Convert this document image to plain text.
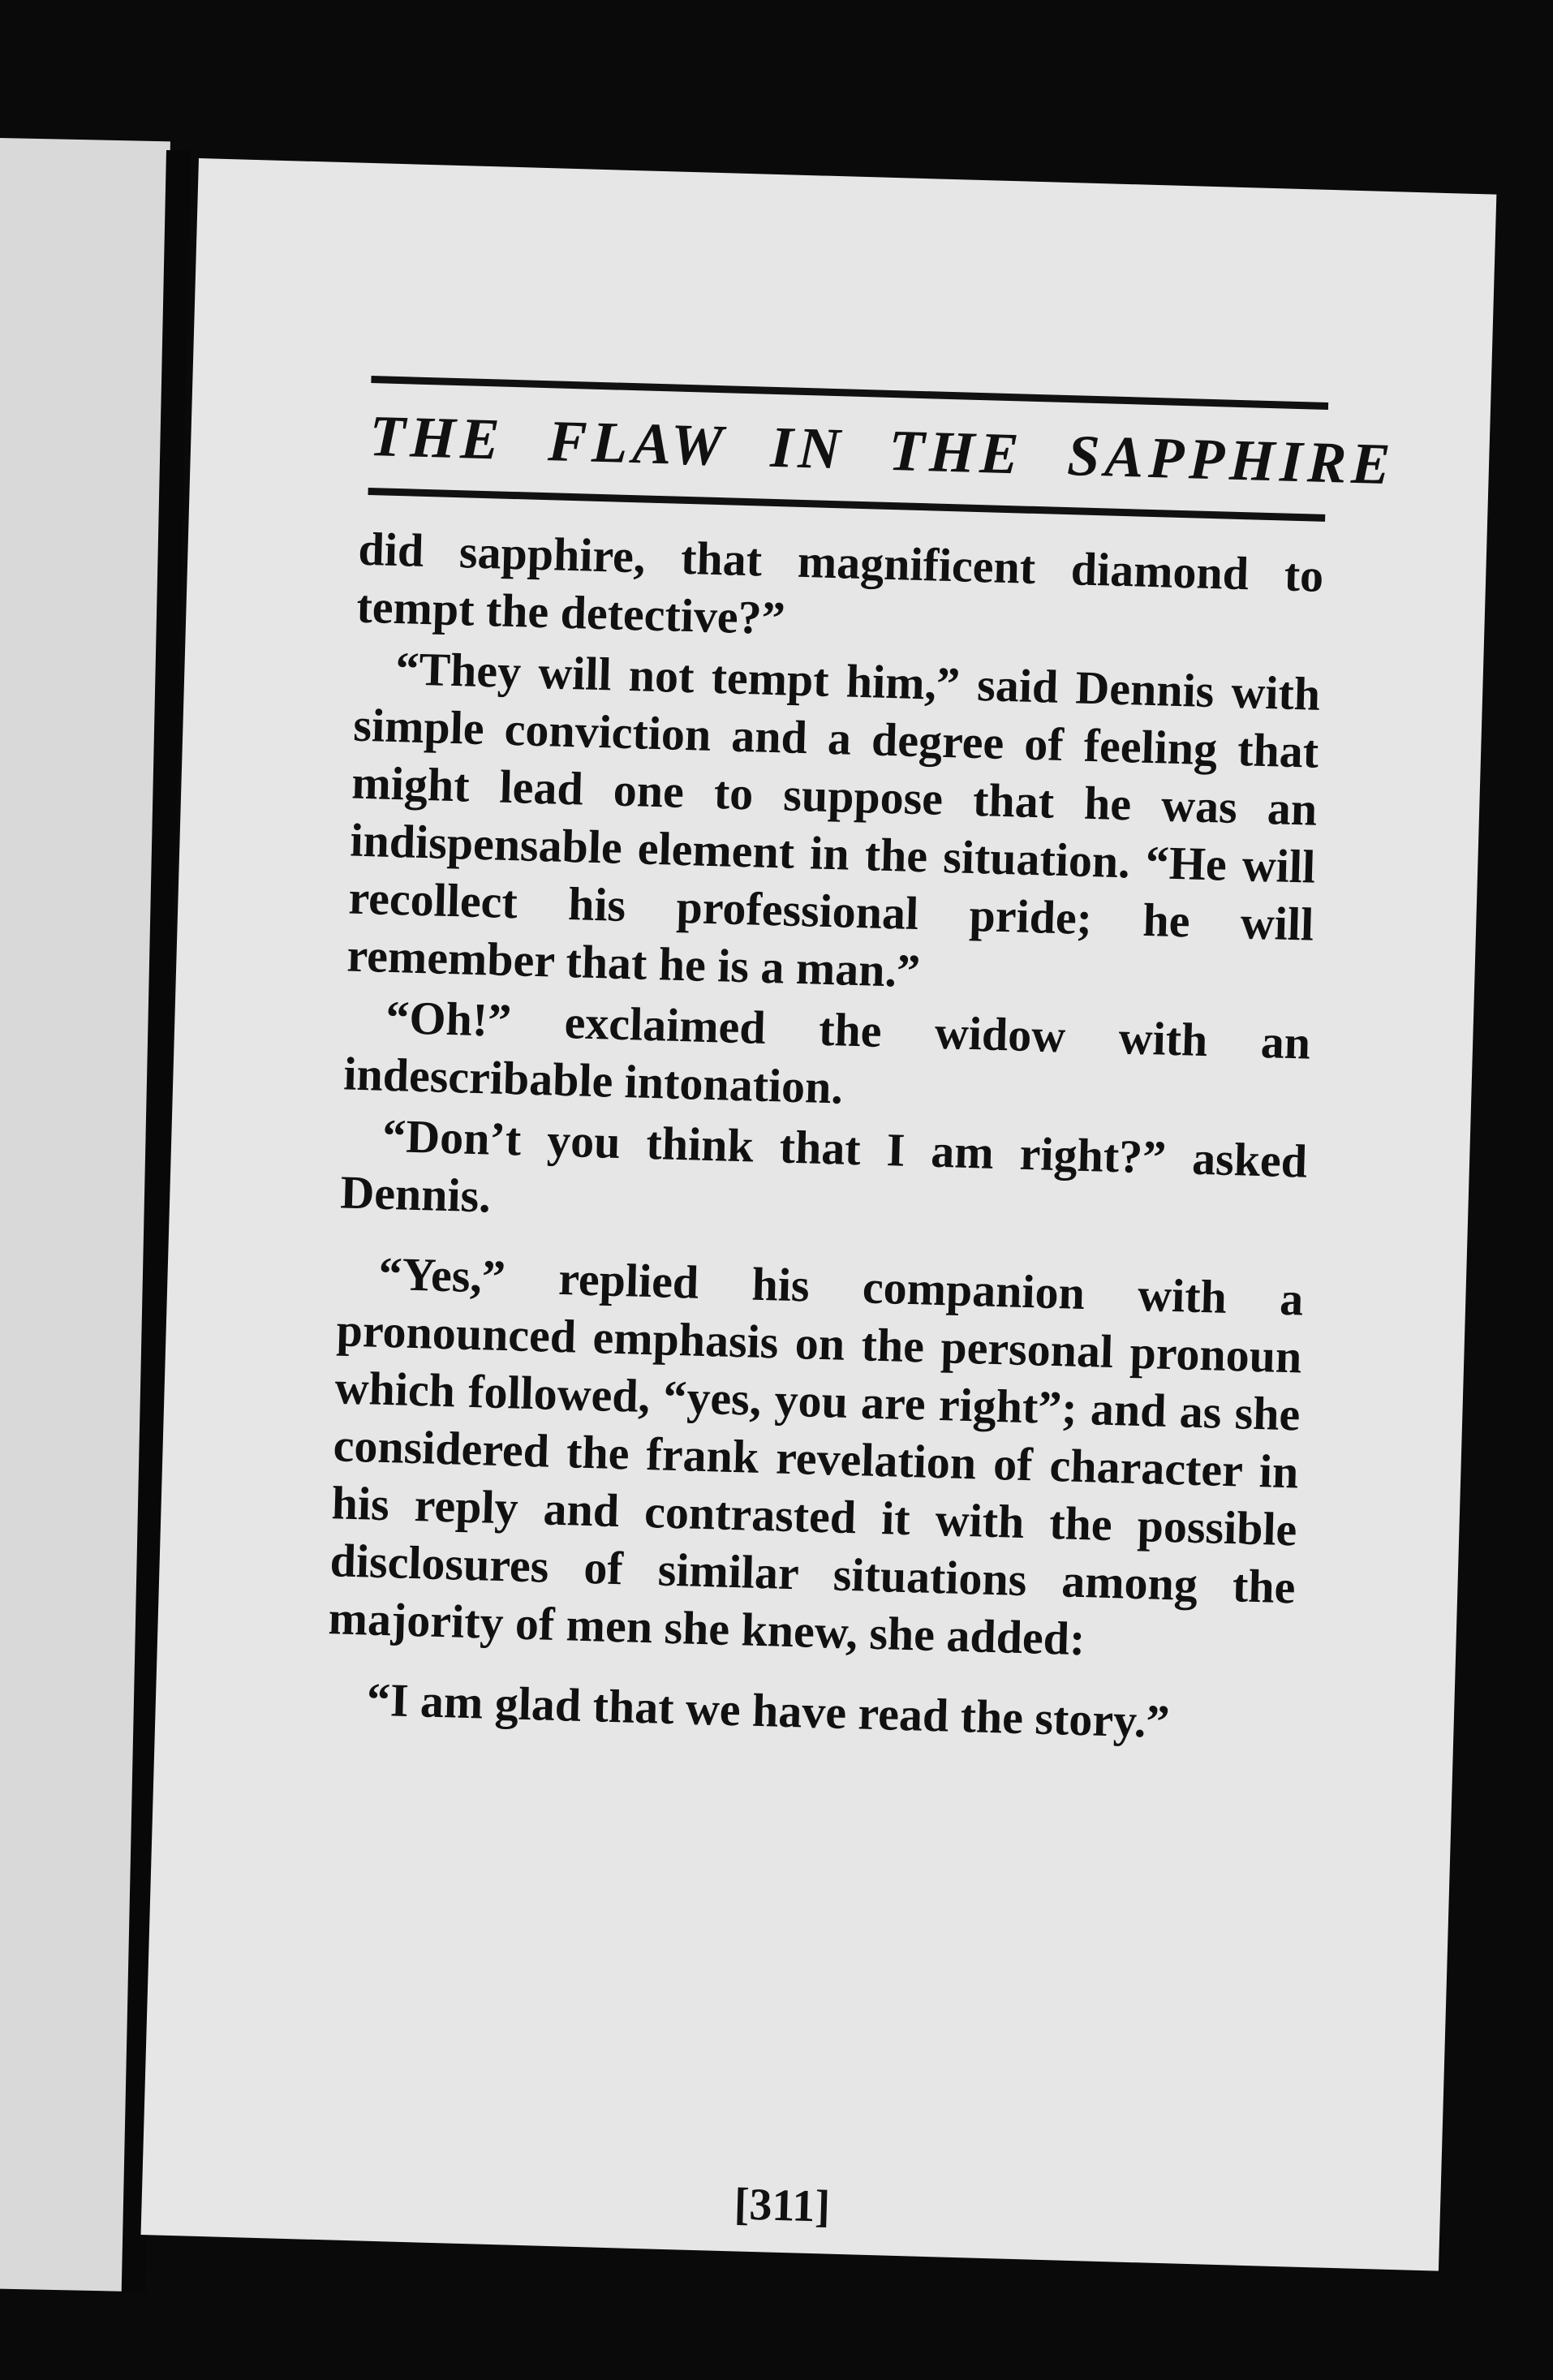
THE FLAW IN THE SAPPHIRE

did sapphire, that magnificent diamond to tempt the detective?”

“They will not tempt him,” said Dennis with simple conviction and a degree of feeling that might lead one to suppose that he was an indispensable element in the situation. “He will recollect his professional pride; he will remember that he is a man.”

“Oh!” exclaimed the widow with an indescribable intonation.

“Don’t you think that I am right?” asked Dennis.

“Yes,” replied his companion with a pronounced emphasis on the personal pronoun which followed, “yes, you are right”; and as she considered the frank revelation of character in his reply and contrasted it with the possible disclosures of similar situations among the majority of men she knew, she added:

“I am glad that we have read the story.”

[311]
